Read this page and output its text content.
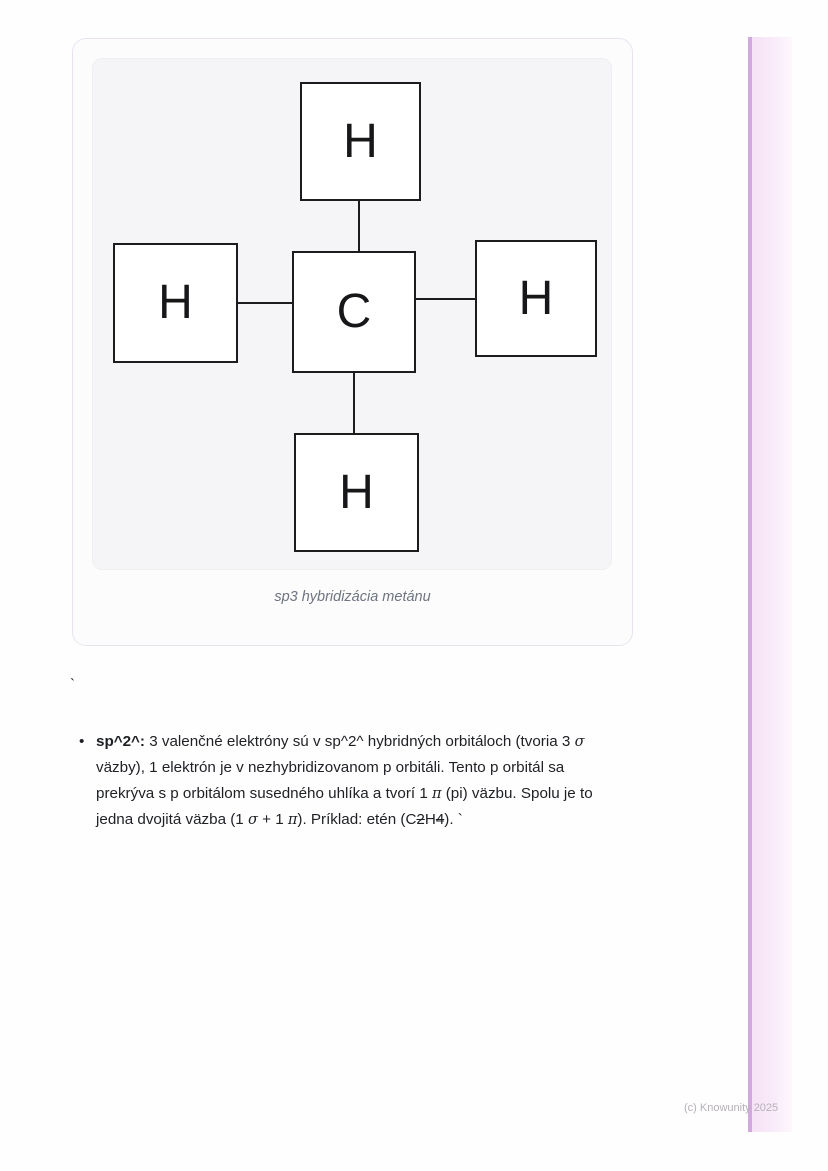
H
H	C	H
H
sp3 hybridizácia metánu
`
• sp^2^: 3 valenčné elektróny sú v sp^2^ hybridných orbitáloch (tvoria 3 σ
väzby), 1 elektrón je v nezhybridizovanom p orbitáli. Tento p orbitál sa
prekrýva s p orbitálom susedného uhlíka a tvorí 1 π (pi) väzbu. Spolu je to
jedna dvojitá väzba (1 σ + 1 π). Príklad: etén (C2H4). `
(c) Knowunity 2025
